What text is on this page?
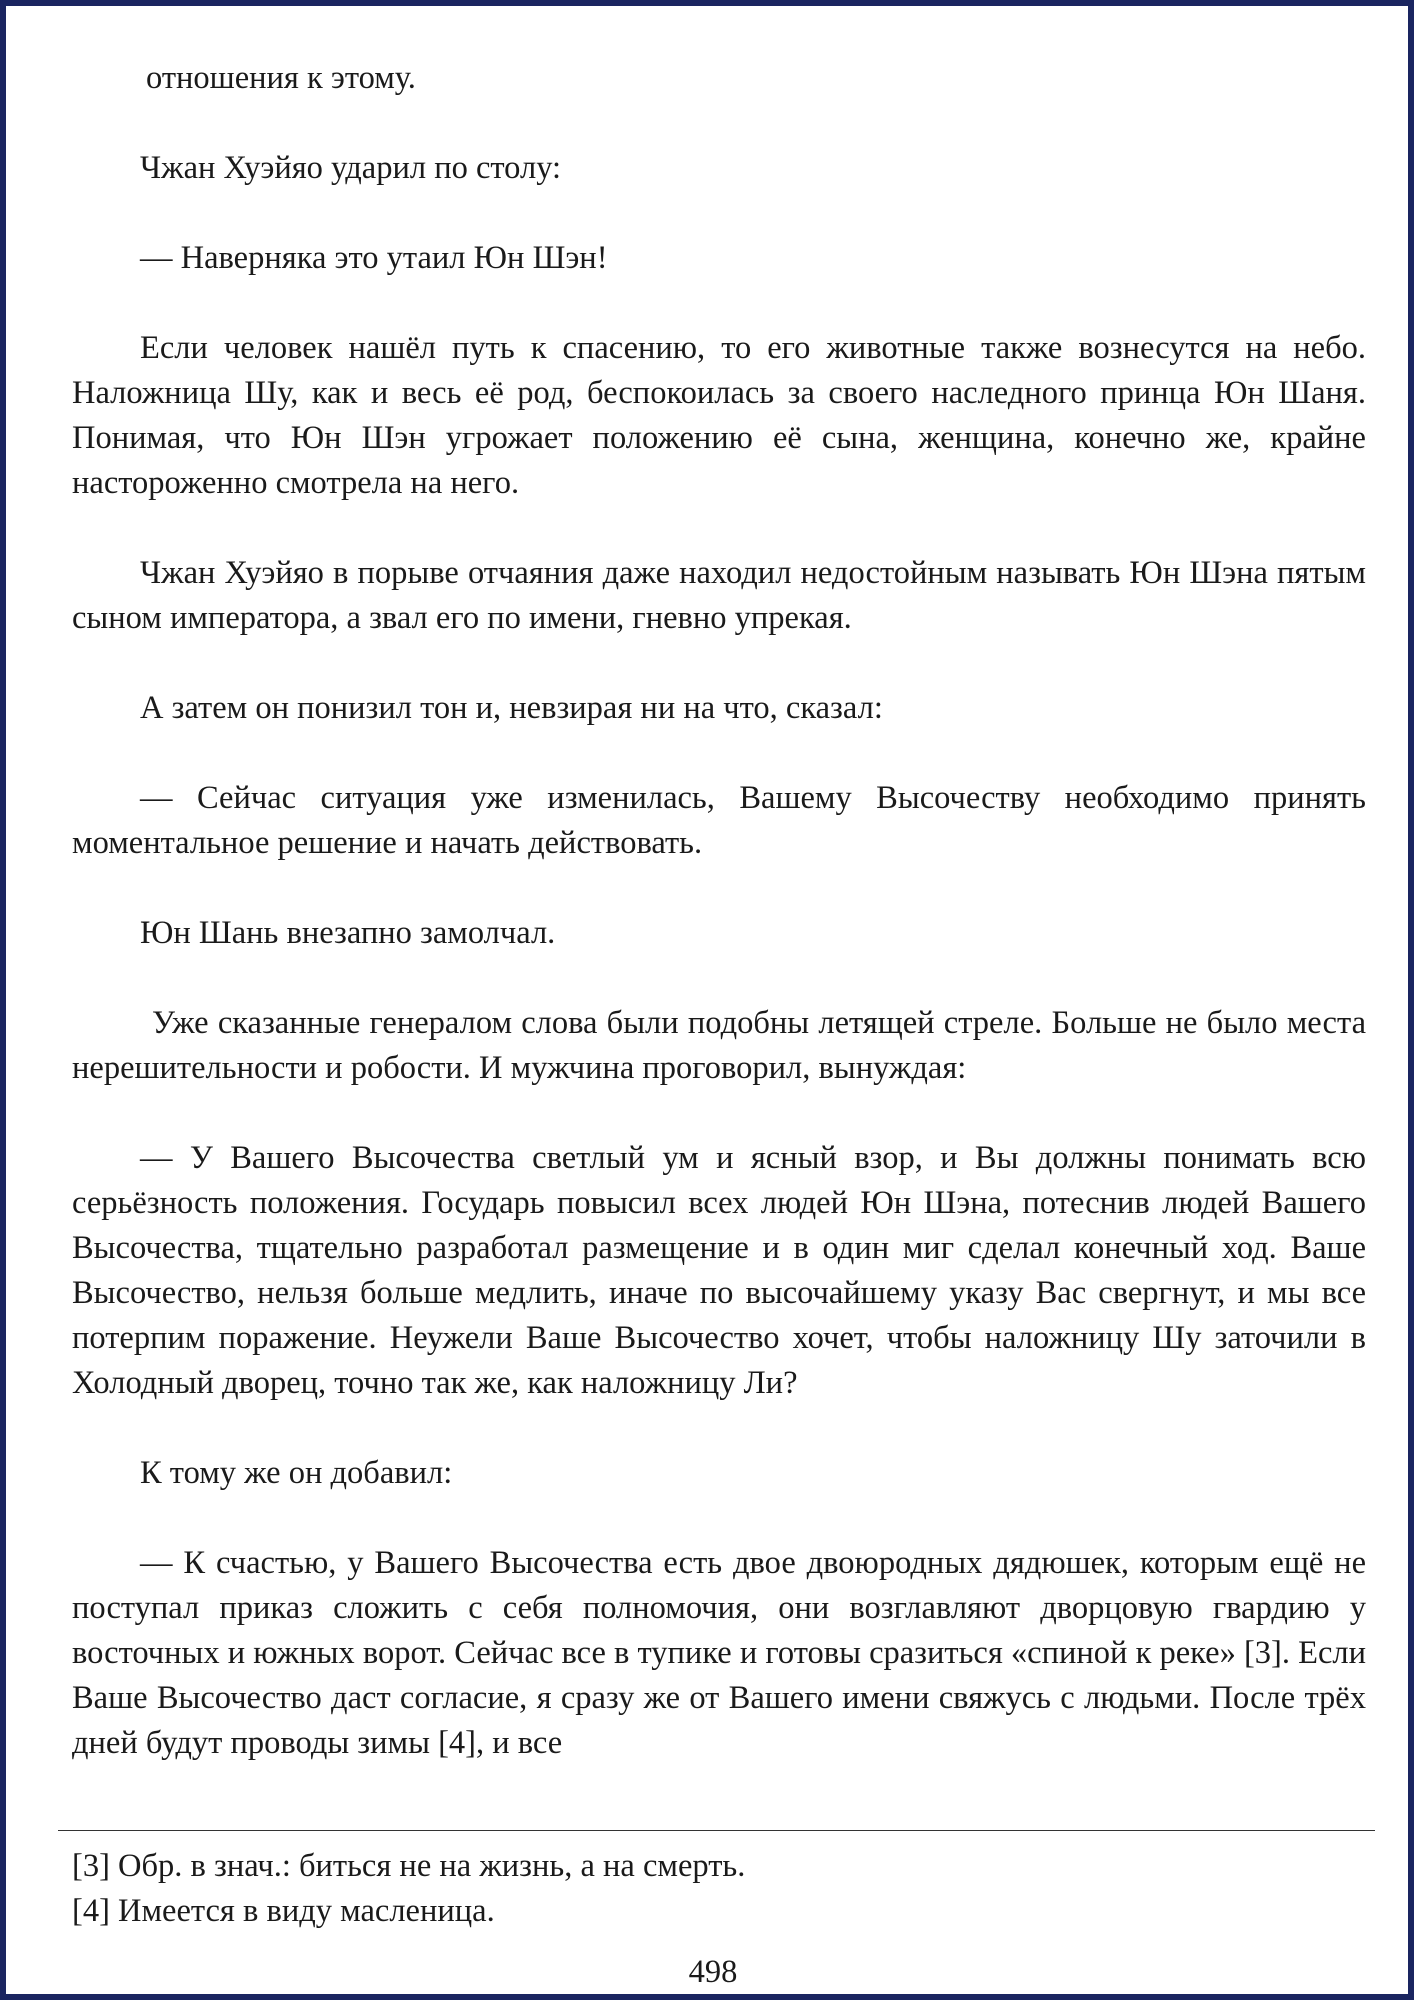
отношения к этому.

Чжан Хуэйяо ударил по столу:

— Наверняка это утаил Юн Шэн!

Если человек нашёл путь к спасению, то его животные также вознесутся на небо. Наложница Шу, как и весь её род, беспокоилась за своего наследного принца Юн Шаня. Понимая, что Юн Шэн угрожает положению её сына, женщина, конечно же, крайне настороженно смотрела на него.

Чжан Хуэйяо в порыве отчаяния даже находил недостойным называть Юн Шэна пятым сыном императора, а звал его по имени, гневно упрекая.

А затем он понизил тон и, невзирая ни на что, сказал:

— Сейчас ситуация уже изменилась, Вашему Высочеству необходимо принять моментальное решение и начать действовать.

Юн Шань внезапно замолчал.

Уже сказанные генералом слова были подобны летящей стреле. Больше не было места нерешительности и робости. И мужчина проговорил, вынуждая:

— У Вашего Высочества светлый ум и ясный взор, и Вы должны понимать всю серьёзность положения. Государь повысил всех людей Юн Шэна, потеснив людей Вашего Высочества, тщательно разработал размещение и в один миг сделал конечный ход. Ваше Высочество, нельзя больше медлить, иначе по высочайшему указу Вас свергнут, и мы все потерпим поражение. Неужели Ваше Высочество хочет, чтобы наложницу Шу заточили в Холодный дворец, точно так же, как наложницу Ли?

К тому же он добавил:

— К счастью, у Вашего Высочества есть двое двоюродных дядюшек, которым ещё не поступал приказ сложить с себя полномочия, они возглавляют дворцовую гвардию у восточных и южных ворот. Сейчас все в тупике и готовы сразиться «спиной к реке» [3]. Если Ваше Высочество даст согласие, я сразу же от Вашего имени свяжусь с людьми. После трёх дней будут проводы зимы [4], и все

[3] Обр. в знач.: биться не на жизнь, а на смерть.

[4] Имеется в виду масленица.

498
